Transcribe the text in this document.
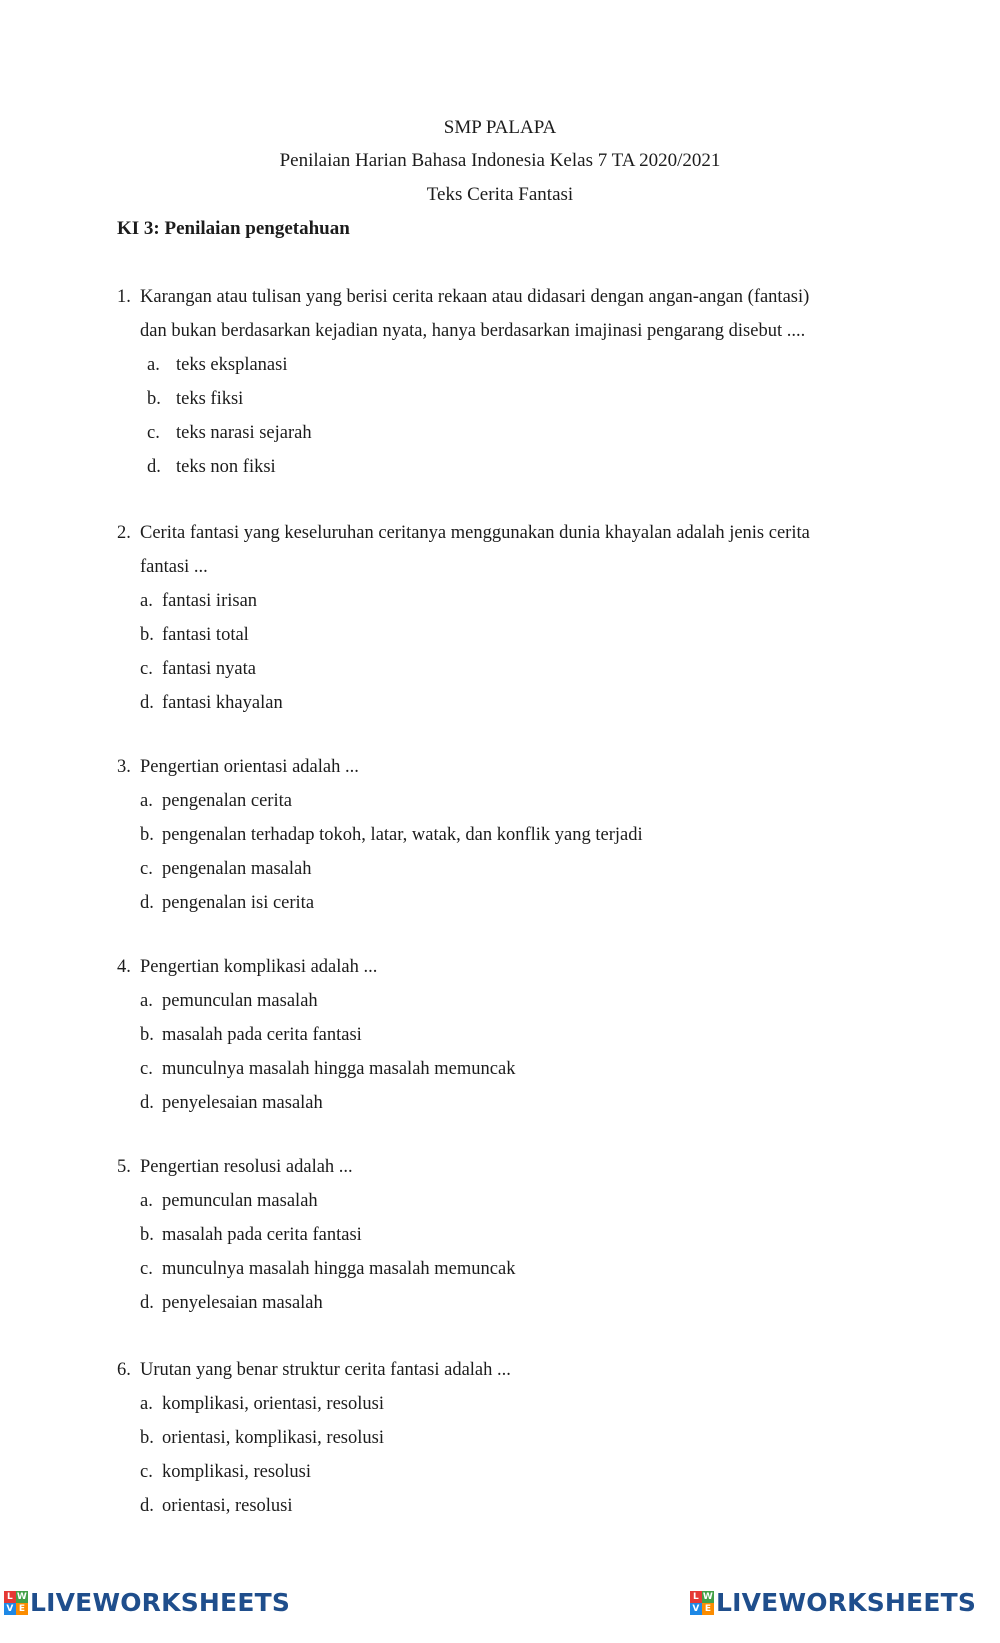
SMP PALAPA
Penilaian Harian Bahasa Indonesia Kelas 7 TA 2020/2021
Teks Cerita Fantasi
KI 3: Penilaian pengetahuan
1. Karangan atau tulisan yang berisi cerita rekaan atau didasari dengan angan-angan (fantasi)

dan bukan berdasarkan kejadian nyata, hanya berdasarkan imajinasi pengarang disebut ....

a. teks eksplanasi
b. teks fiksi
c. teks narasi sejarah
d. teks non fiksi
2. Cerita fantasi yang keseluruhan ceritanya menggunakan dunia khayalan adalah jenis cerita

fantasi ...

a. fantasi irisan
b. fantasi total
c. fantasi nyata
d. fantasi khayalan
3. Pengertian orientasi adalah ...

a. pengenalan cerita
b. pengenalan terhadap tokoh, latar, watak, dan konflik yang terjadi
c. pengenalan masalah
d. pengenalan isi cerita
4. Pengertian komplikasi adalah ...

a. pemunculan masalah
b. masalah pada cerita fantasi
c. munculnya masalah hingga masalah memuncak
d. penyelesaian masalah
5. Pengertian resolusi adalah ...

a. pemunculan masalah
b. masalah pada cerita fantasi
c. munculnya masalah hingga masalah memuncak
d. penyelesaian masalah
6. Urutan yang benar struktur cerita fantasi adalah ...

a. komplikasi, orientasi, resolusi
b. orientasi, komplikasi, resolusi
c. komplikasi, resolusi
d. orientasi, resolusi
L W
V E LIVEWORKSHEETS	L W
V E LIVEWORKSHEETS
